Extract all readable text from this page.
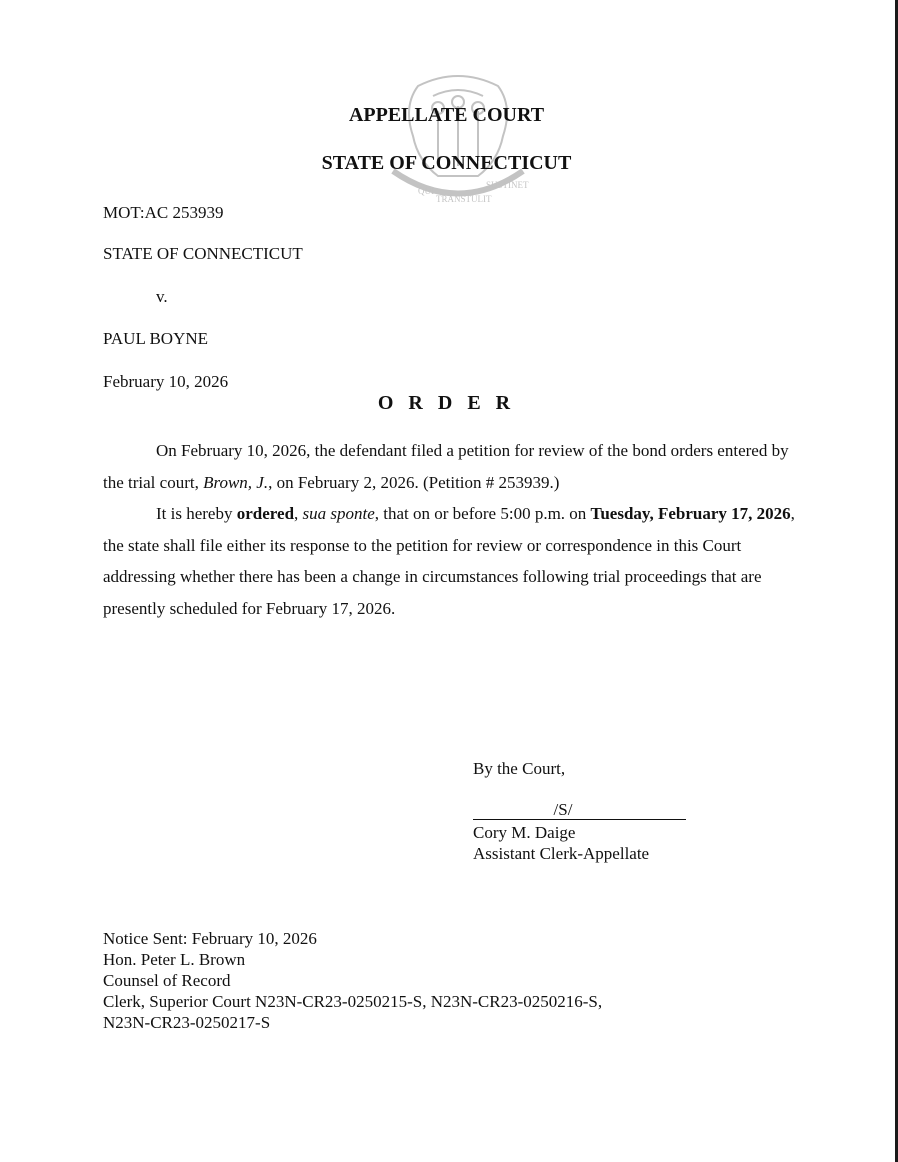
QUI
TRANSTULIT
SUSTINET
APPELLATE COURT
STATE OF CONNECTICUT
MOT:AC 253939
STATE OF CONNECTICUT
v.
PAUL BOYNE
February 10, 2026
O R D E R

On February 10, 2026, the defendant filed a petition for review of the bond orders entered by the trial court, Brown, J., on February 2, 2026. (Petition # 253939.)

It is hereby ordered, sua sponte, that on or before 5:00 p.m. on Tuesday, February 17, 2026, the state shall file either its response to the petition for review or correspondence in this Court addressing whether there has been a change in circumstances following trial proceedings that are presently scheduled for February 17, 2026.

By the Court,
/S/
Cory M. Daige
Assistant Clerk-Appellate
Notice Sent: February 10, 2026
Hon. Peter L. Brown
Counsel of Record
Clerk, Superior Court N23N-CR23-0250215-S, N23N-CR23-0250216-S,
N23N-CR23-0250217-S
